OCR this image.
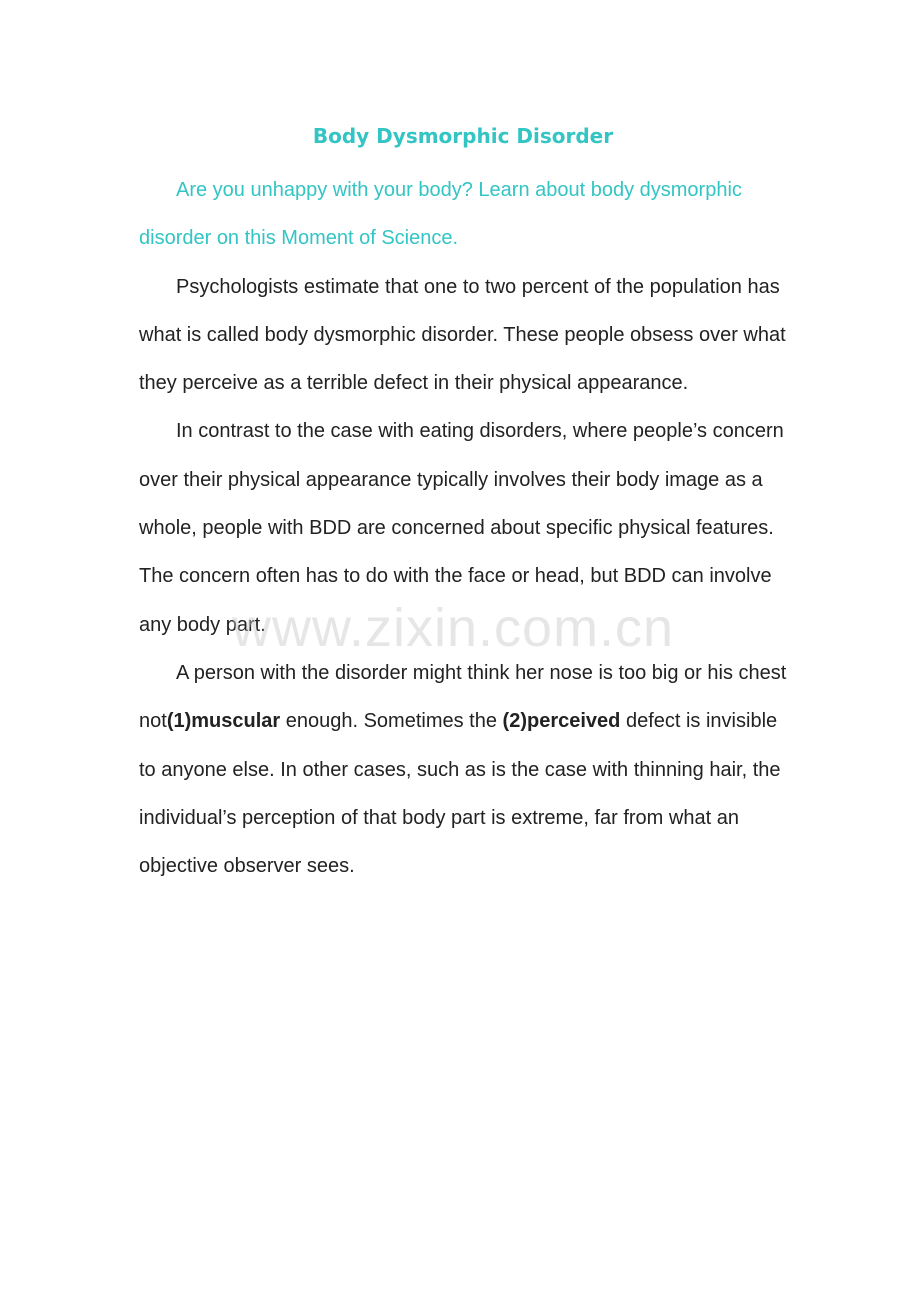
Body Dysmorphic Disorder

Are you unhappy with your body? Learn about body dysmorphic disorder on this Moment of Science.

Psychologists estimate that one to two percent of the population has what is called body dysmorphic disorder. These people obsess over what they perceive as a terrible defect in their physical appearance.

In contrast to the case with eating disorders, where people’s concern over their physical appearance typically involves their body image as a whole, people with BDD are concerned about specific physical features. The concern often has to do with the face or head, but BDD can involve any body part.

A person with the disorder might think her nose is too big or his chest not(1)muscular enough. Sometimes the (2)perceived defect is invisible to anyone else. In other cases, such as is the case with thinning hair, the individual’s perception of that body part is extreme, far from what an objective observer sees.

www.zixin.com.cn
